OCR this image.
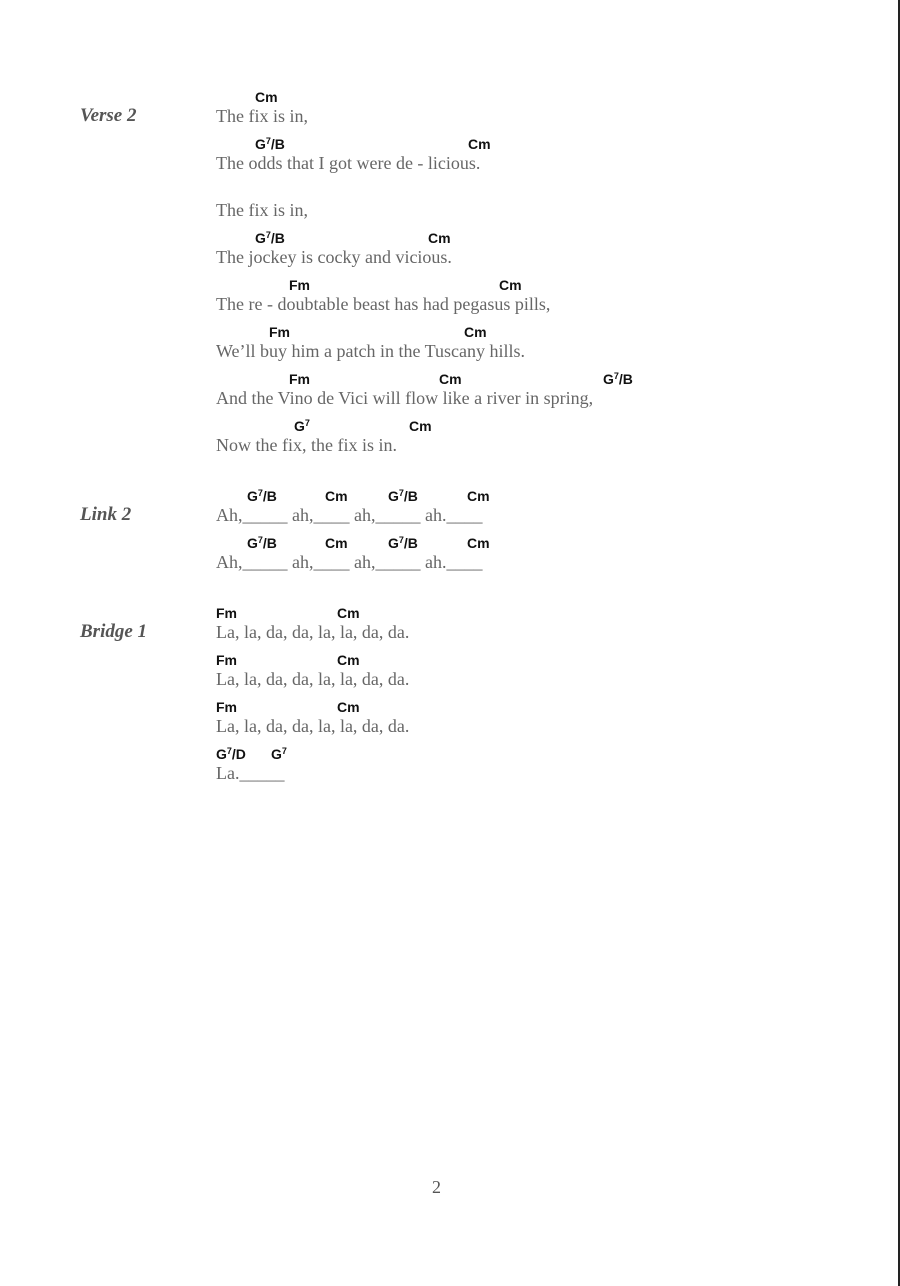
Verse 2
Link 2
Bridge 1
Cm
The fix is in,
$G^7/B$	Cm
The odds that I got were de - licious.
The fix is in,
$G^7/B$	Cm
The jockey is cocky and vicious.
Fm	Cm
The re - doubtable beast has had pegasus pills,
Fm	Cm
We’ll buy him a patch in the Tuscany hills.
Fm	Cm	$G^7/B$
And the Vino de Vici will flow like a river in spring,
$G^7$	Cm
Now the fix, the fix is in.
$G^7/B$	Cm	$G^7/B$	Cm
Ah,_____ ah,____ ah,_____ ah.____
$G^7/B$	Cm	$G^7/B$	Cm
Ah,_____ ah,____ ah,_____ ah.____
Fm	Cm
La, la, da, da, la, la, da, da.
Fm	Cm
La, la, da, da, la, la, da, da.
Fm	Cm
La, la, da, da, la, la, da, da.
$G^7/D$ $G^7$
La._____
2
